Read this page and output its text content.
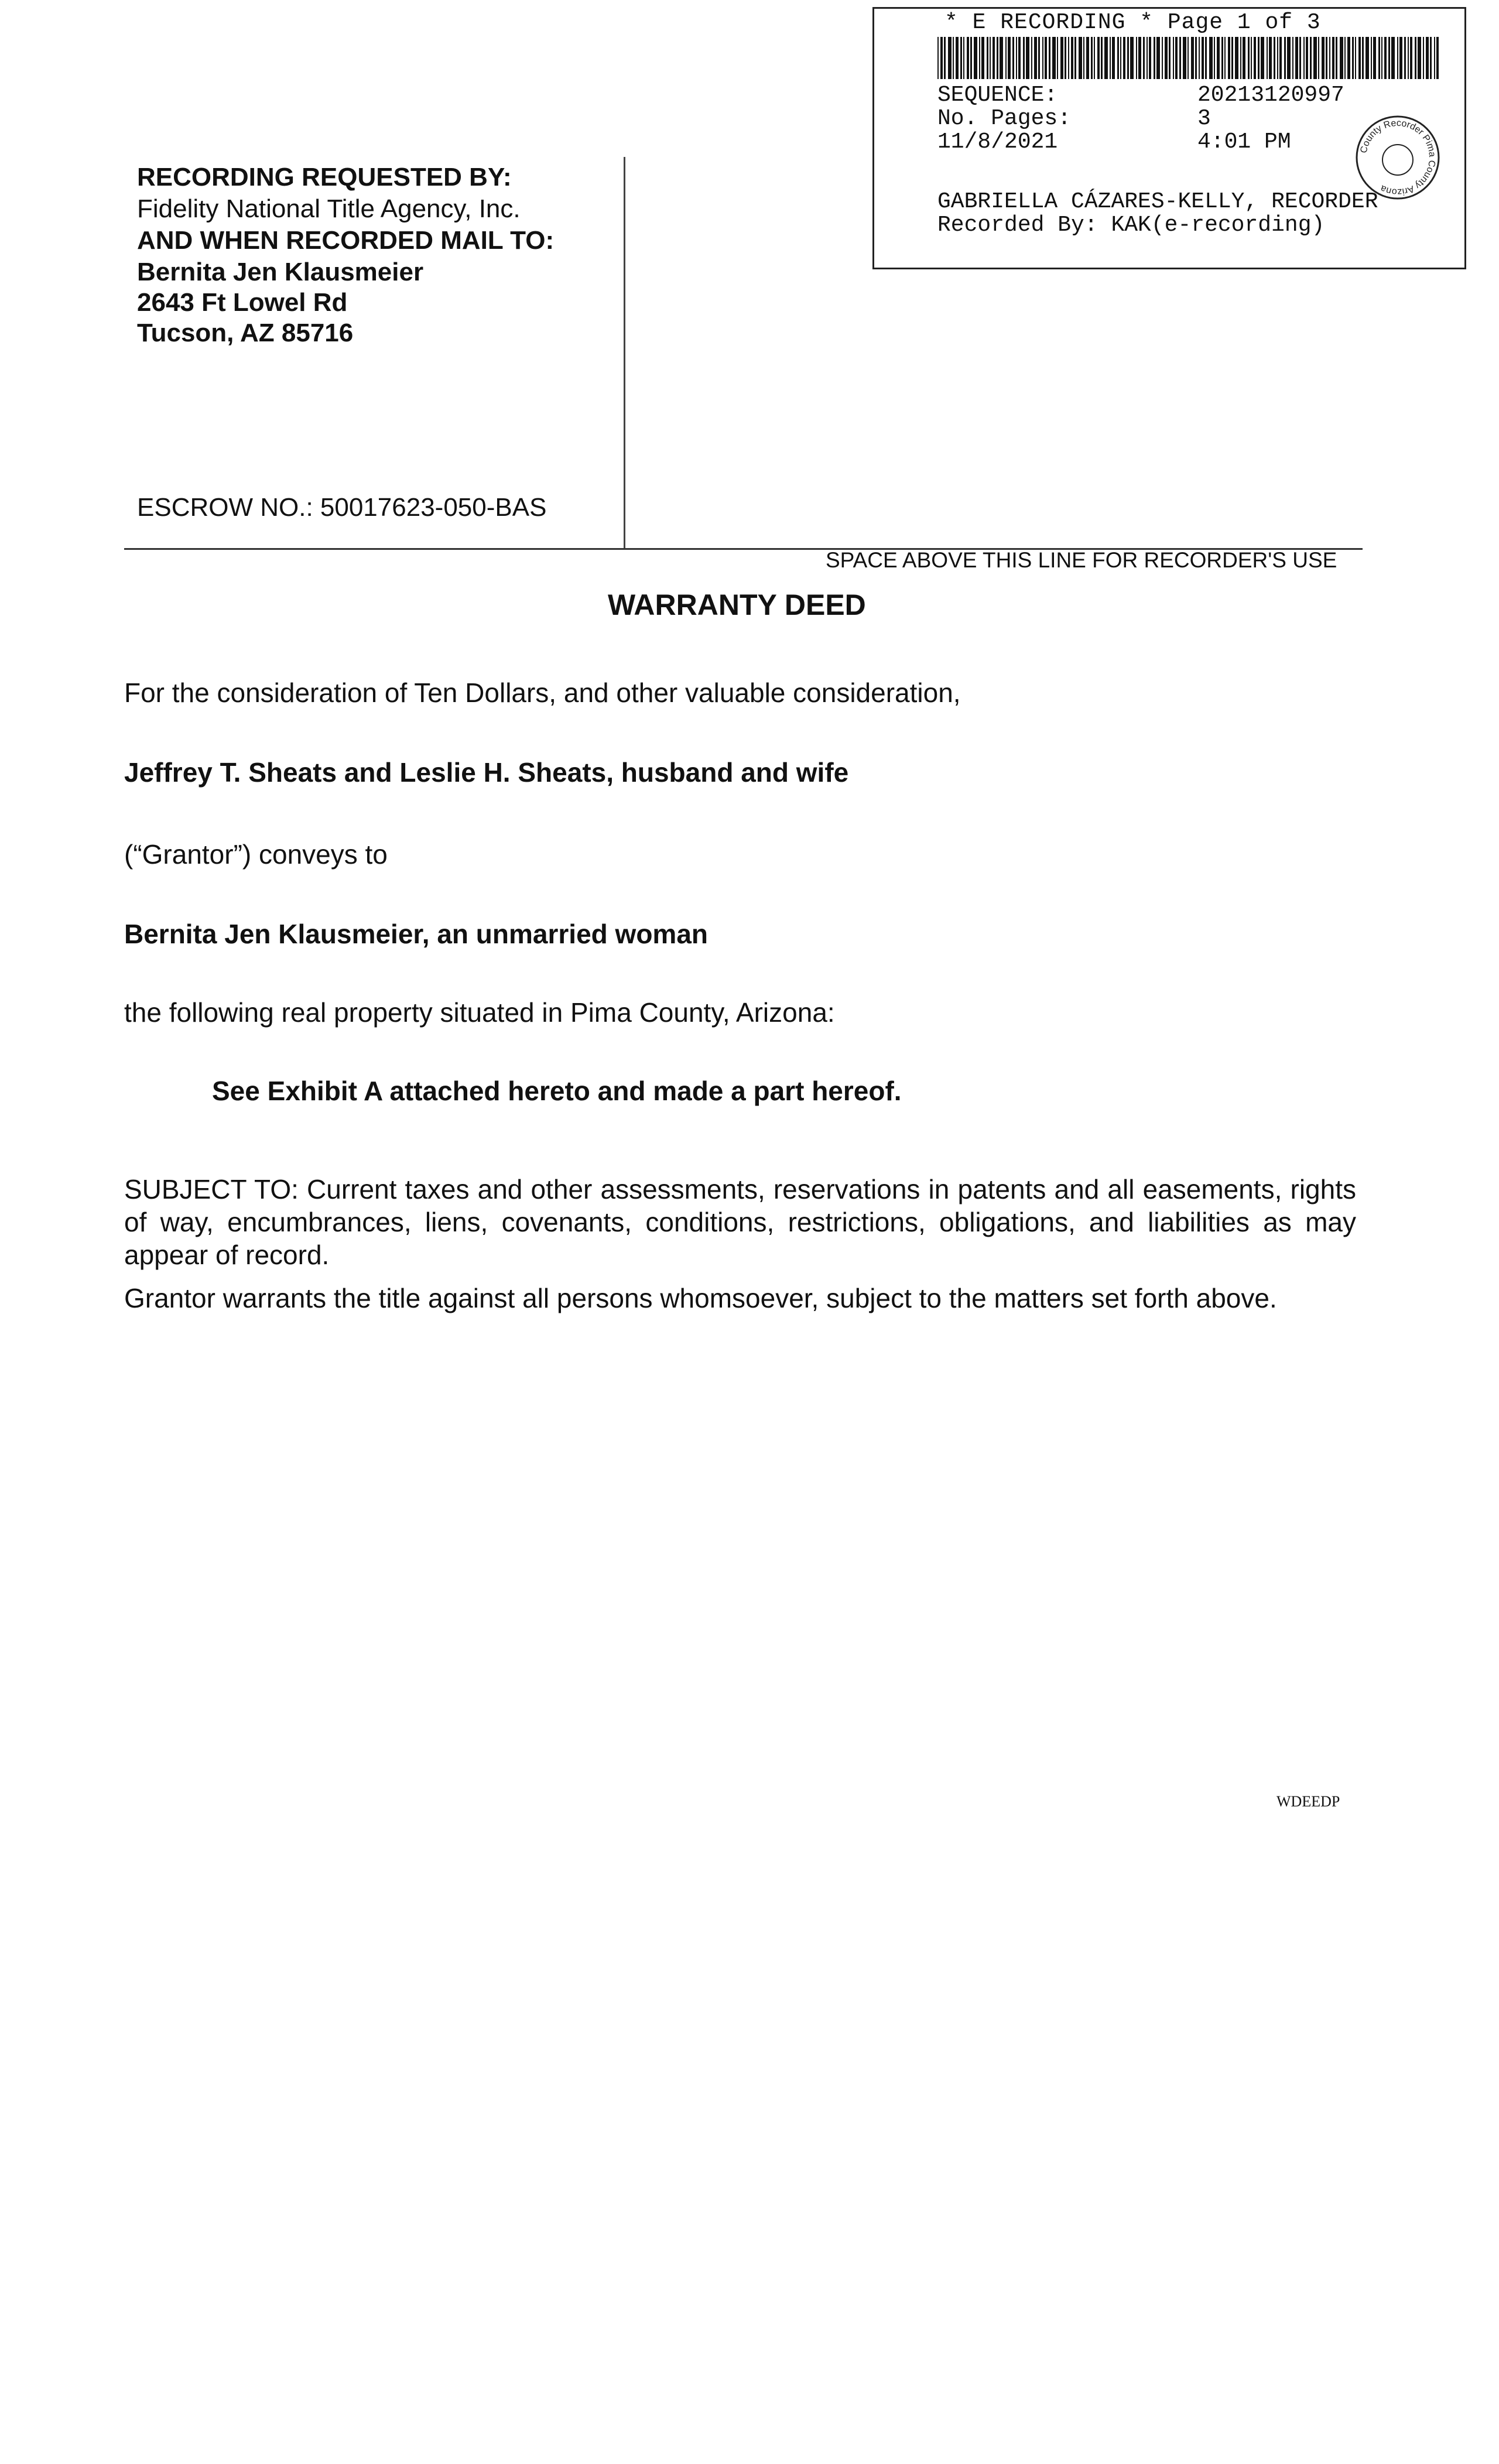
* E RECORDING * Page 1 of 3
SEQUENCE:	20213120997
No. Pages:	3
11/8/2021	4:01 PM	County Recorder Pima County Arizona
GABRIELLA CÁZARES-KELLY, RECORDER
Recorded By: KAK(e-recording)
RECORDING REQUESTED BY:
Fidelity National Title Agency, Inc.
AND WHEN RECORDED MAIL TO:
Bernita Jen Klausmeier
2643 Ft Lowel Rd
Tucson, AZ 85716
ESCROW NO.: 50017623-050-BAS
SPACE ABOVE THIS LINE FOR RECORDER'S USE
WARRANTY DEED
For the consideration of Ten Dollars, and other valuable consideration,
Jeffrey T. Sheats and Leslie H. Sheats, husband and wife
(“Grantor”) conveys to
Bernita Jen Klausmeier, an unmarried woman
the following real property situated in Pima County, Arizona:
See Exhibit A attached hereto and made a part hereof.
SUBJECT TO: Current taxes and other assessments, reservations in patents and all easements, rights of way, encumbrances, liens, covenants, conditions, restrictions, obligations, and liabilities as may appear of record.
Grantor warrants the title against all persons whomsoever, subject to the matters set forth above.
WDEEDP
